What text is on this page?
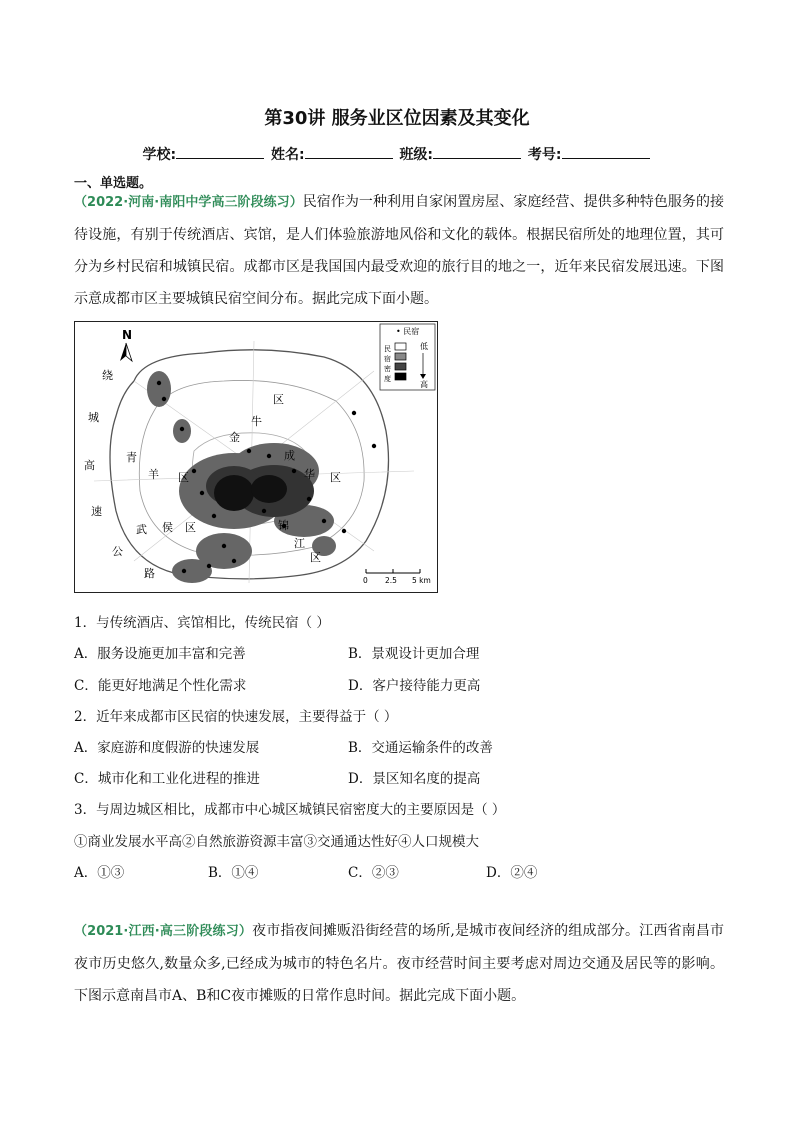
第30讲 服务业区位因素及其变化
学校:	姓名:	班级:	考号:
一、单选题。

（2022·河南·南阳中学高三阶段练习）民宿作为一种利用自家闲置房屋、家庭经营、提供多种特色服务的接待设施，有别于传统酒店、宾馆，是人们体验旅游地风俗和文化的载体。根据民宿所处的地理位置，其可分为乡村民宿和城镇民宿。成都市区是我国国内最受欢迎的旅行目的地之一，近年来民宿发展迅速。下图示意成都市区主要城镇民宿空间分布。据此完成下面小题。

N	• 民宿
民
宿
密
度
低
高
0 2.5 5 km
绕
城
高
速
公
路
青
羊 区
金
牛
区
成
华 区
武 侯 区	锦
江
区
1．与传统酒店、宾馆相比，传统民宿（ ）
A．服务设施更加丰富和完善	B．景观设计更加合理
C．能更好地满足个性化需求	D．客户接待能力更高
2．近年来成都市区民宿的快速发展，主要得益于（ ）
A．家庭游和度假游的快速发展	B．交通运输条件的改善
C．城市化和工业化进程的推进	D．景区知名度的提高
3．与周边城区相比，成都市中心城区城镇民宿密度大的主要原因是（ ）
①商业发展水平高②自然旅游资源丰富③交通通达性好④人口规模大
A．①③	B．①④	C．②③	D．②④

（2021·江西·高三阶段练习）夜市指夜间摊贩沿街经营的场所,是城市夜间经济的组成部分。江西省南昌市夜市历史悠久,数量众多,已经成为城市的特色名片。夜市经营时间主要考虑对周边交通及居民等的影响。下图示意南昌市A、B和C夜市摊贩的日常作息时间。据此完成下面小题。
